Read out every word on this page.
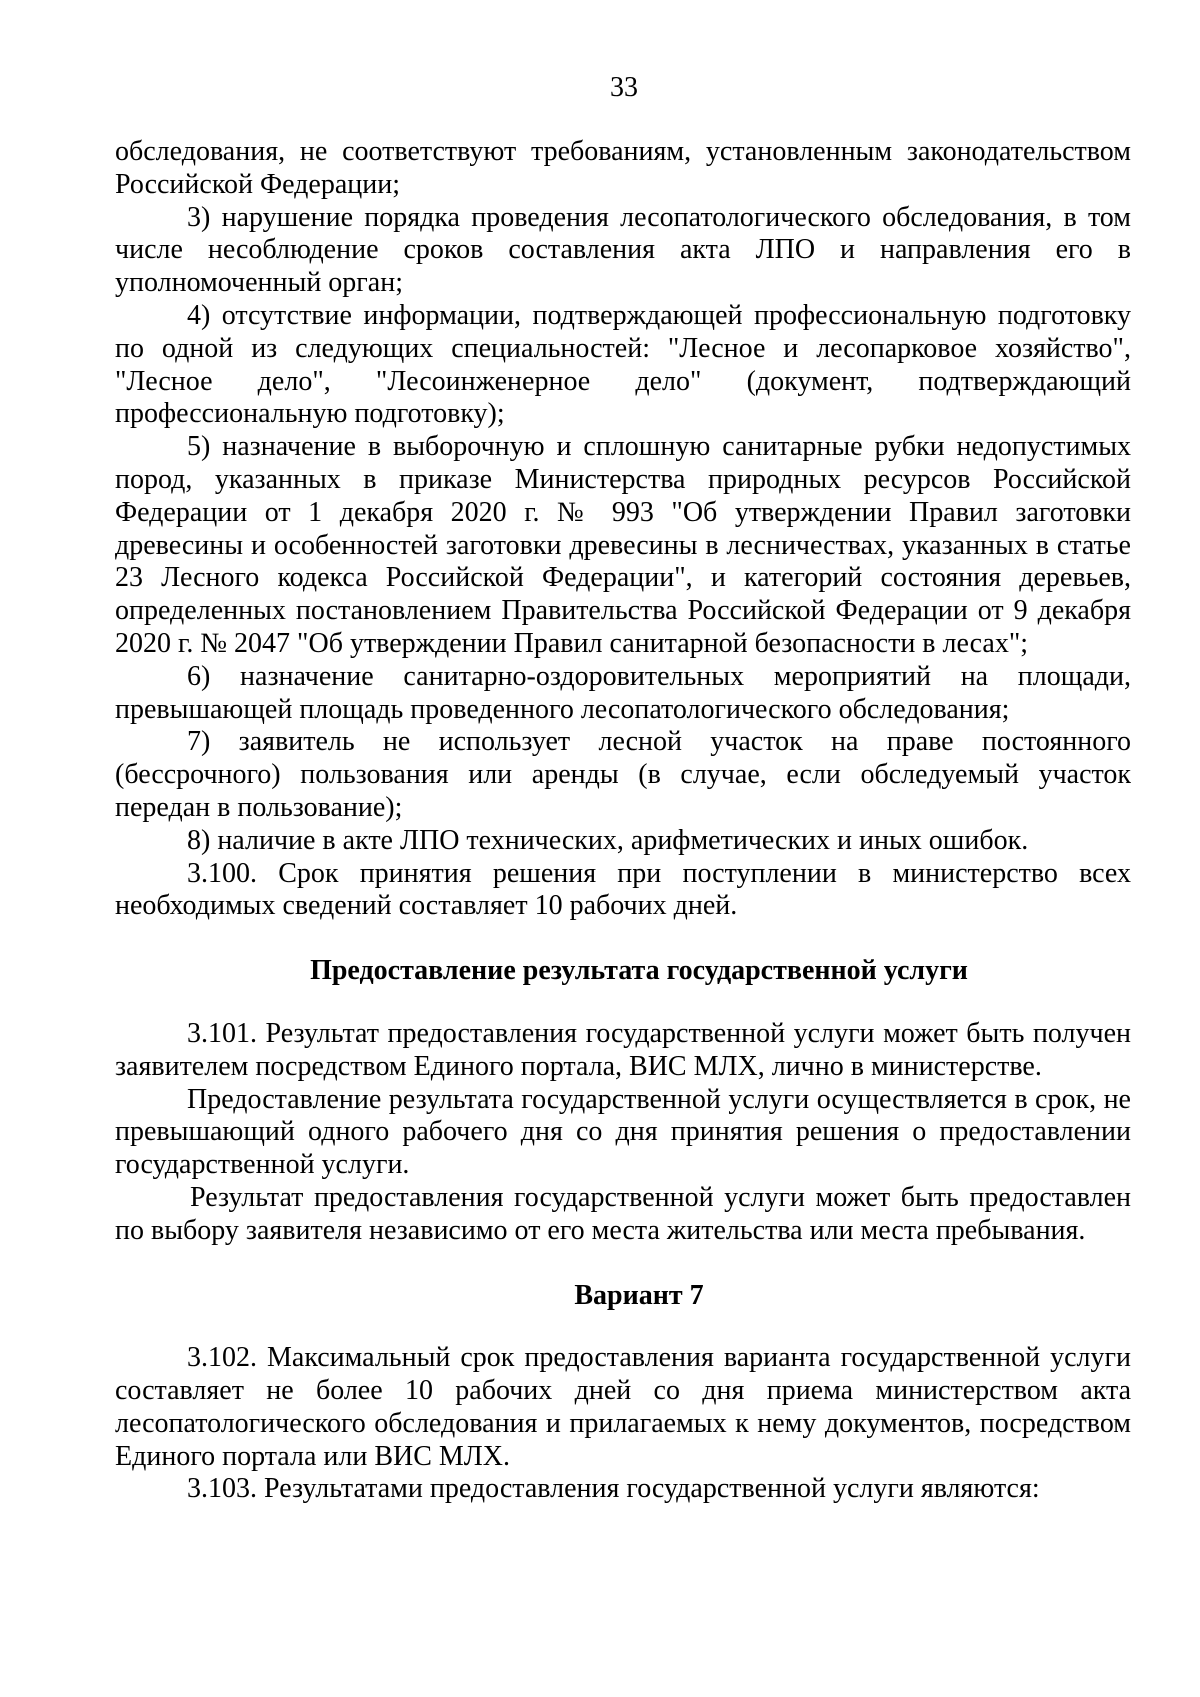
33

обследования, не соответствуют требованиям, установленным законодательством Российской Федерации;

3) нарушение порядка проведения лесопатологического обследования, в том числе несоблюдение сроков составления акта ЛПО и направления его в уполномоченный орган;

4) отсутствие информации, подтверждающей профессиональную подготовку по одной из следующих специальностей: "Лесное и лесопарковое хозяйство", "Лесное дело", "Лесоинженерное дело" (документ, подтверждающий профессиональную подготовку);

5) назначение в выборочную и сплошную санитарные рубки недопустимых пород, указанных в приказе Министерства природных ресурсов Российской Федерации от 1 декабря 2020 г. № 993 "Об утверждении Правил заготовки древесины и особенностей заготовки древесины в лесничествах, указанных в статье 23 Лесного кодекса Российской Федерации", и категорий состояния деревьев, определенных постановлением Правительства Российской Федерации от 9 декабря 2020 г. № 2047 "Об утверждении Правил санитарной безопасности в лесах";

6) назначение санитарно-оздоровительных мероприятий на площади, превышающей площадь проведенного лесопатологического обследования;

7) заявитель не использует лесной участок на праве постоянного (бессрочного) пользования или аренды (в случае, если обследуемый участок передан в пользование);

8) наличие в акте ЛПО технических, арифметических и иных ошибок.

3.100. Срок принятия решения при поступлении в министерство всех необходимых сведений составляет 10 рабочих дней.

Предоставление результата государственной услуги

3.101. Результат предоставления государственной услуги может быть получен заявителем посредством Единого портала, ВИС МЛХ, лично в министерстве.

Предоставление результата государственной услуги осуществляется в срок, не превышающий одного рабочего дня со дня принятия решения о предоставлении государственной услуги.

Результат предоставления государственной услуги может быть предоставлен по выбору заявителя независимо от его места жительства или места пребывания.

Вариант 7

3.102. Максимальный срок предоставления варианта государственной услуги составляет не более 10 рабочих дней со дня приема министерством акта лесопатологического обследования и прилагаемых к нему документов, посредством Единого портала или ВИС МЛХ.

3.103. Результатами предоставления государственной услуги являются:
